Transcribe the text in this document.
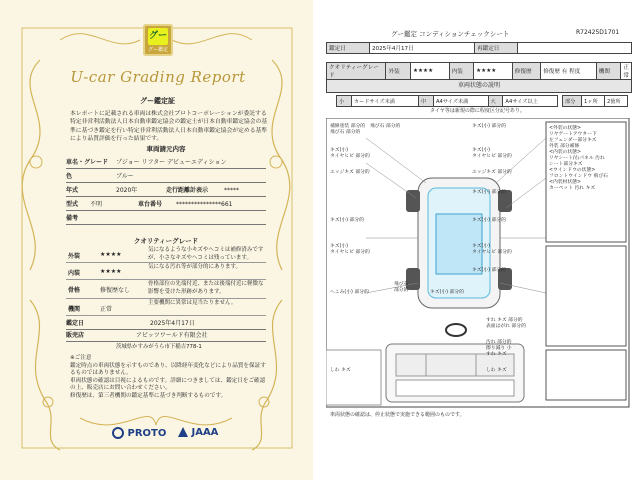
グー
グー鑑定
U-car Grading Report
グー鑑定証
本レポートに記載される車両は株式会社プロトコーポレーションが委託する特定非営利活動法人日本自動車鑑定協会の鑑定士が日本自動車鑑定協会の基準に基づき鑑定を行い特定非営利活動法人日本自動車鑑定協会が定める基準により品質評価を行った結果です。
車両請元内容
車名・グレード プジョー リフター デビューエディション
色	ブルー
年式	2020年	走行距離計表示	*****
型式 不明	車台番号 ***************661
備考
クオリティーグレード
外装	★★★★
気になるような小キズやへコミは補修済みですが、小さなキズやヘコミは残っています。
内装	★★★★
気になる汚れ等が部分的にあります。
骨格	修復歴なし
骨格部位の先端付近、または後端付近に軽微な影響を受けた形跡があります。
機関	正常
主要機関に異常は見当たりません。
鑑定日	2025年4月17日
販売店	アビッツワールド有限会社
茨城県かすみがうら市下稲吉778-1
※ご注意
鑑定時点の車両状態を示すものであり、以降経年変化などにより品質を保証するものではありません。
車両状態の確認は目視によるものです。詳細につきましては、鑑定日をご確認の上、販売店にお問い合わせください。
修復歴は、第三者機関の鑑定基準に基づき判断するものです。
PROTO	JAAA
グー鑑定 コンディションチェックシート	R72425D1701
鑑定日	2025年4月17日	再鑑定日	
クオリティーグレード	外装	★★★★	内装	★★★★	修復歴	修復歴 有 程度	機関	正常
車両状態の説明
小	カードサイズ未満	中	A4サイズ未満	大	A4サイズ以上	部分	1ヶ所	2箇所
タイヤ等は新規の際に程度区分記号あり。
補修塗装 部分的
飛び石 部分的
飛び石 部分的	キズ(小) 部分的
キズ(小)
タイヤヒビ 部分的
キズ(小)
タイヤヒビ 部分的
エッジキズ 部分的	エッジキズ 部分的
キズ(小) 部分的
キズ(小) 部分的	キズ(小) 部分的
キズ(小)
タイヤヒビ 部分的
キズ(小)
タイヤヒビ 部分的
キズ(小) 部分的
へこみ(小) 部分的
飛び石
部分的	キズ(小) 部分的
すれ キズ 部分的
表面はがれ 部分的
汚れ 部分的
擦り減り 小
すれ キズ
しわ キズ	しわ キズ
<外装の状態>
リヤゲートアウター下
左フェンダー部分キズ
外装 部分補修
<内装の状態>
リヤシート/右パネル 汚れ
シート部分キズ
<ウインドウの状態>
フロントウインドウ 飛び石
<内装材状態>
カーペット 汚れ キズ
車両状態の確認は、停止状態で実施できる範囲のものです。
